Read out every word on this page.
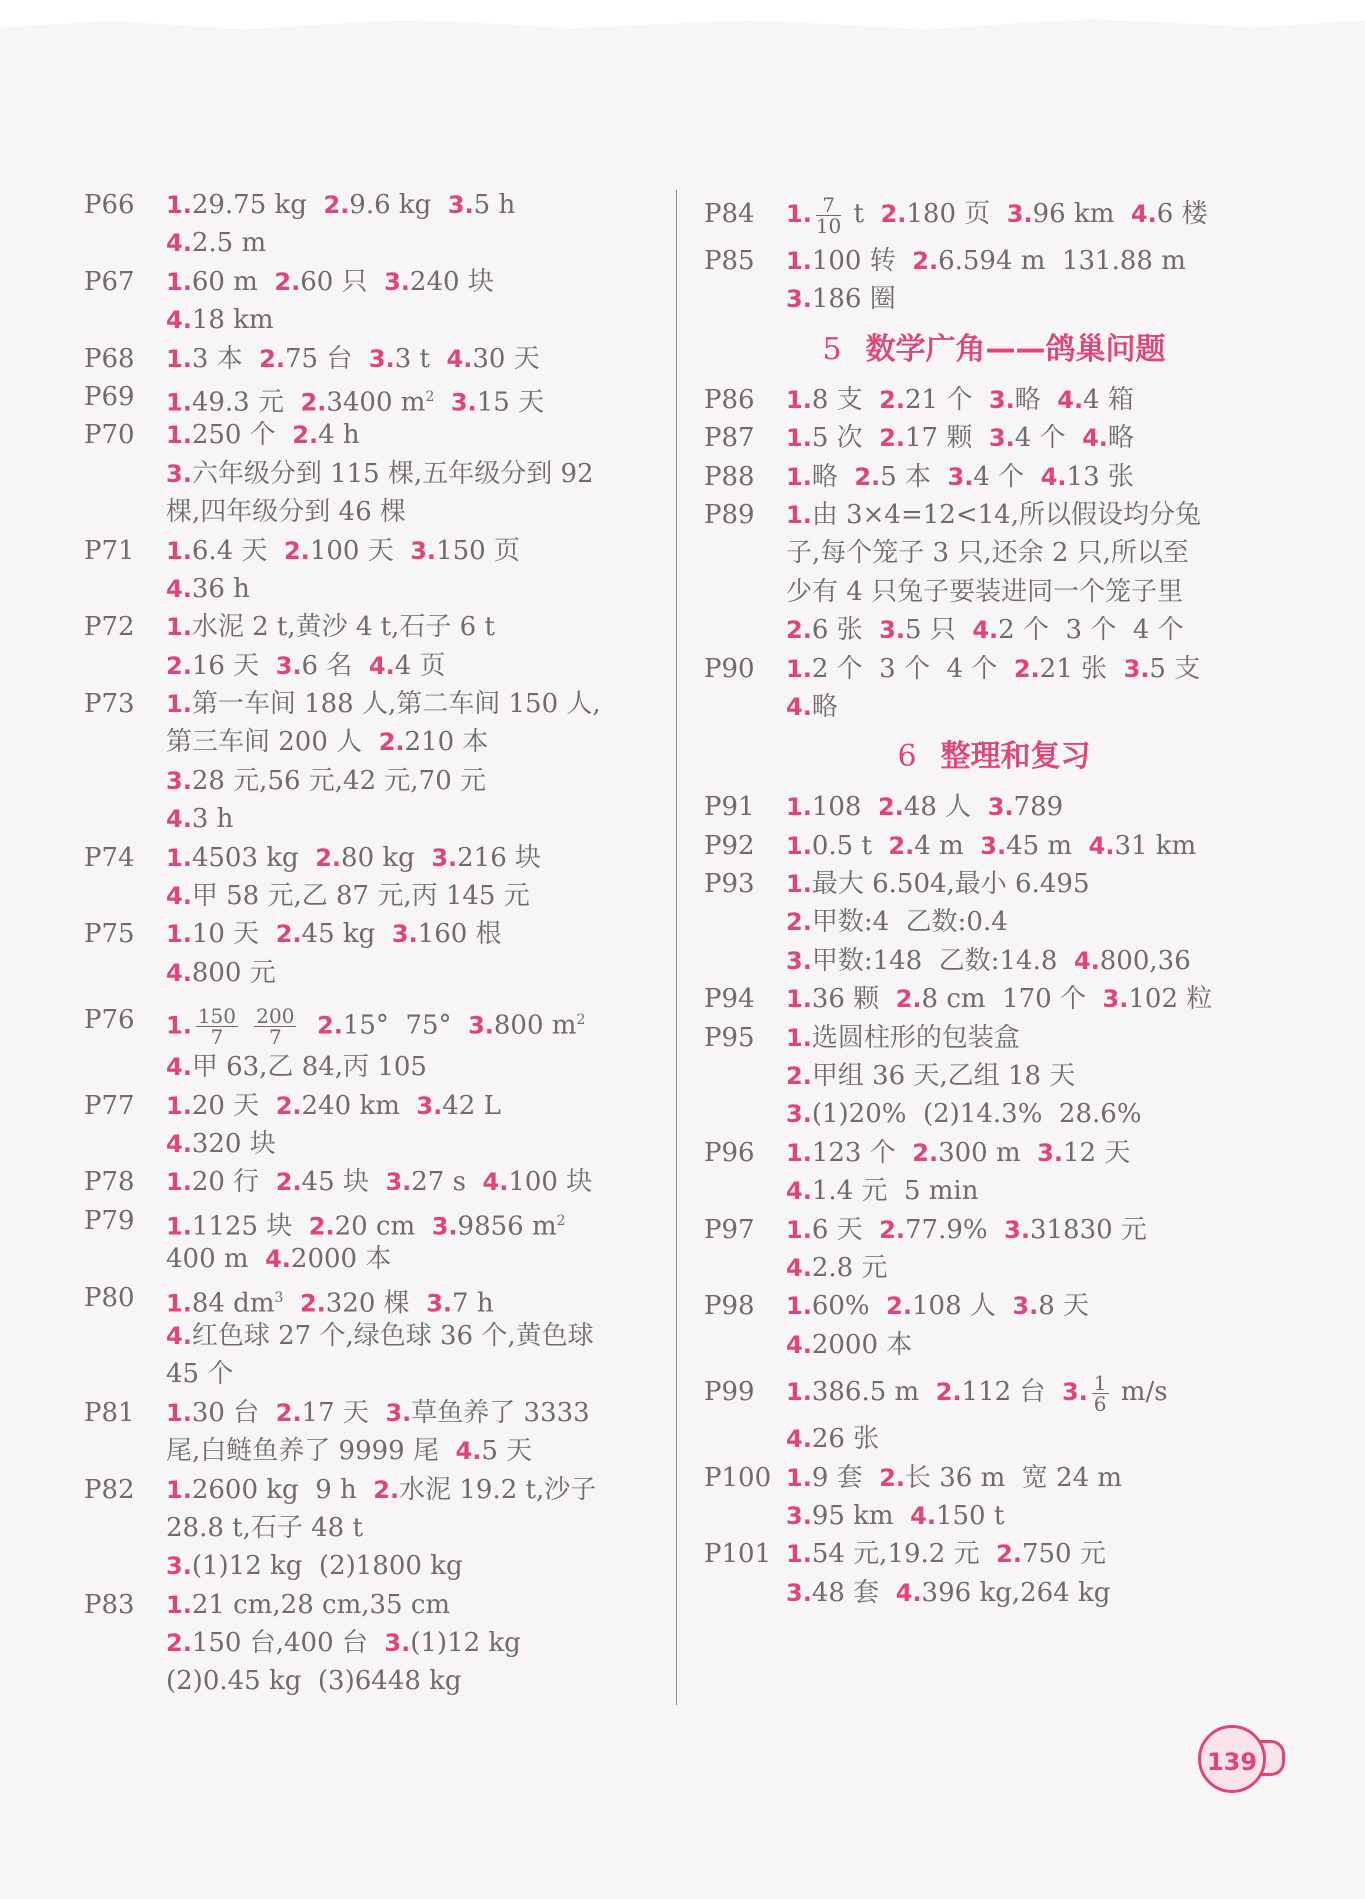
P66	1.29.75 kg  2.9.6 kg  3.5 h
4.2.5 m
P67	1.60 m  2.60 只  3.240 块
4.18 km
P68	1.3 本  2.75 台  3.3 t  4.30 天
P69	1.49.3 元  2.3400 $m^2$ 3.15 天
P70	1.250 个  2.4 h
3.六年级分到 115 棵,五年级分到 92
棵,四年级分到 46 棵
P71	1.6.4 天  2.100 天  3.150 页
4.36 h
P72	1.水泥 2 t,黄沙 4 t,石子 6 t
2.16 天  3.6 名  4.4 页
P73	1.第一车间 188 人,第二车间 150 人,
第三车间 200 人  2.210 本
3.28 元,56 元,42 元,70 元
4.3 h
P74	1.4503 kg  2.80 kg  3.216 块
4.甲 58 元,乙 87 元,丙 145 元
P75	1.10 天  2.45 kg  3.160 根
4.800 元
P76	1. $\frac{150}{7}$
$\frac{200}{7} 2.15^\circ$  75°  3.800 $m^2$
4.甲 63,乙 84,丙 105
P77	1.20 天  2.240 km  3.42 L
4.320 块
P78	1.20 行  2.45 块  3.27 s  4.100 块
P79	1.1125 块  2.20 cm  3.9856 $m^2$
400 m  4.2000 本
P80	1.84 $dm^3$ 2.320 棵  3.7 h
4.红色球 27 个,绿色球 36 个,黄色球
45 个
P81	1.30 台  2.17 天  3.草鱼养了 3333
尾,白鲢鱼养了 9999 尾  4.5 天
P82	1.2600 kg  9 h  2.水泥 19.2 t,沙子
28.8 t,石子 48 t
3.(1)12 kg  (2)1800 kg
P83	1.21 cm,28 cm,35 cm
2.150 台,400 台  3.(1)12 kg
(2)0.45 kg  (3)6448 kg
P84	1. $\frac{7}{10}$ t  2.180 页  3.96 km  4.6 楼
P85	1.100 转  2.6.594 m  131.88 m
3.186 圈
5 数学广角——鸽巢问题
P86	1.8 支  2.21 个  3.略  4.4 箱
P87	1.5 次  2.17 颗  3.4 个  4.略
P88	1.略  2.5 本  3.4 个  4.13 张
P89	1.由 3×4=12<14,所以假设均分兔
子,每个笼子 3 只,还余 2 只,所以至
少有 4 只兔子要装进同一个笼子里
2.6 张  3.5 只  4.2 个  3 个  4 个
P90	1.2 个  3 个  4 个  2.21 张  3.5 支
4.略
6 整理和复习
P91	1.108  2.48 人  3.789
P92	1.0.5 t  2.4 m  3.45 m  4.31 km
P93	1.最大 6.504,最小 6.495
2.甲数:4  乙数:0.4
3.甲数:148  乙数:14.8  4.800,36
P94	1.36 颗  2.8 cm  170 个  3.102 粒
P95	1.选圆柱形的包装盒
2.甲组 36 天,乙组 18 天
3.(1)20%  (2)14.3%  28.6%
P96	1.123 个  2.300 m  3.12 天
4.1.4 元  5 min
P97	1.6 天  2.77.9%  3.31830 元
4.2.8 元
P98	1.60%  2.108 人  3.8 天
4.2000 本
P99	1.386.5 m  2.112 台  3. $\frac{1}{6} m/s$
4.26 张
P100 1.9 套  2.长 36 m  宽 24 m
3.95 km  4.150 t
P101 1.54 元,19.2 元  2.750 元
3.48 套  4.396 kg,264 kg
139
